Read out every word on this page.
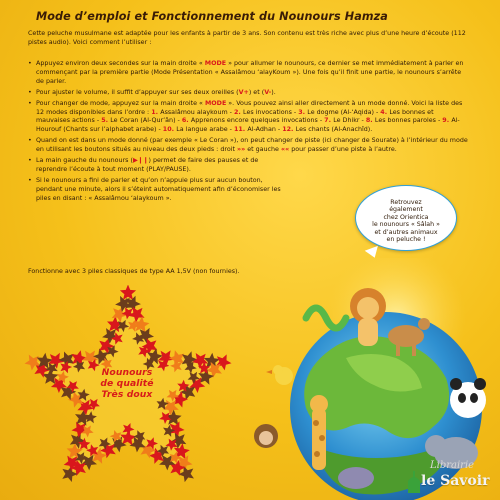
Mode d’emploi et Fonctionnement du Nounours Hamza
Cette peluche musulmane est adaptée pour les enfants à partir de 3 ans. Son contenu est très riche avec plus d’une heure d’écoute (112 pistes audio). Voici comment l’utiliser :
• Appuyez environ deux secondes sur la main droite « MODE » pour allumer le nounours, ce dernier se met immédiatement à parler en commençant par la première partie (Mode Présentation « Assalâmou ‘alayKoum »). Une fois qu’il finit une partie, le nounours s’arrête de parler.
• Pour ajuster le volume, il suffit d’appuyer sur ses deux oreilles (V+) et (V-).
• Pour changer de mode, appuyez sur la main droite « MODE ». Vous pouvez ainsi aller directement à un mode donné. Voici la liste des 12 modes disponibles dans l’ordre : 1. Assalâmou alaykoum - 2. Les invocations - 3. Le dogme (Al-‘Aqida) - 4. Les bonnes et mauvaises actions - 5. Le Coran (Al-Qur’ân) - 6. Apprenons encore quelques invocations - 7. Le Dhikr - 8. Les bonnes paroles - 9. Al-Hourouf (Chants sur l’alphabet arabe) - 10. La langue arabe - 11. Al-Adhan - 12. Les chants (Al-Anachîd).
• Quand on est dans un mode donné (par exemple « Le Coran »), on peut changer de piste (ici changer de Sourate) à l’intérieur du mode en utilisant les boutons situés au niveau des deux pieds : droit »» et gauche «« pour passer d’une piste à l’autre.
• La main gauche du nounours (▶❙❙) permet de faire des pauses et de reprendre l’écoute à tout moment (PLAY/PAUSE).
• Si le nounours a fini de parler et qu’on n’appuie plus sur aucun bouton, pendant une minute, alors il s’éteint automatiquement afin d’économiser les piles en disant : « Assalâmou ‘alaykoum ».
Fonctionne avec 3 piles classiques de type AA 1,5V (non fournies).
Retrouvez
également
chez Orientica
le nounours « Sâlah »
et d’autres animaux
en peluche !
Nounours
de qualité
Très doux
Librairie
le Savoir
